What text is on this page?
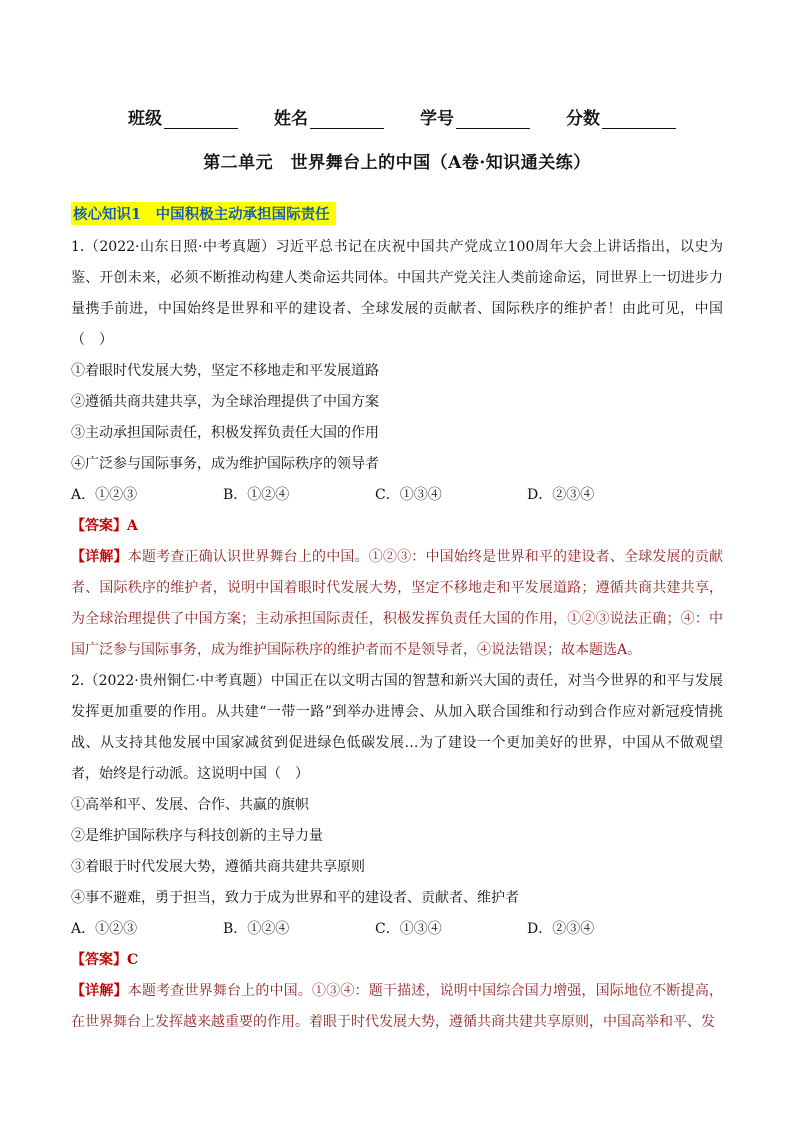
班级	姓名	学号	分数
第二单元　世界舞台上的中国（A卷·知识通关练）
核心知识1　中国积极主动承担国际责任

1.（2022·山东日照·中考真题）习近平总书记在庆祝中国共产党成立100周年大会上讲话指出，以史为鉴、开创未来，必须不断推动构建人类命运共同体。中国共产党关注人类前途命运，同世界上一切进步力量携手前进，中国始终是世界和平的建设者、全球发展的贡献者、国际秩序的维护者！由此可见，中国（　）

①着眼时代发展大势，坚定不移地走和平发展道路

②遵循共商共建共享，为全球治理提供了中国方案

③主动承担国际责任，积极发挥负责任大国的作用

④广泛参与国际事务，成为维护国际秩序的领导者

A．①②③	B．①②④	C．①③④	D．②③④

【答案】A

【详解】本题考查正确认识世界舞台上的中国。①②③：中国始终是世界和平的建设者、全球发展的贡献者、国际秩序的维护者，说明中国着眼时代发展大势，坚定不移地走和平发展道路；遵循共商共建共享，为全球治理提供了中国方案；主动承担国际责任，积极发挥负责任大国的作用，①②③说法正确；④：中国广泛参与国际事务，成为维护国际秩序的维护者而不是领导者，④说法错误；故本题选A。

2.（2022·贵州铜仁·中考真题）中国正在以文明古国的智慧和新兴大国的责任，对当今世界的和平与发展发挥更加重要的作用。从共建“一带一路”到举办进博会、从加入联合国维和行动到合作应对新冠疫情挑战、从支持其他发展中国家减贫到促进绿色低碳发展…为了建设一个更加美好的世界，中国从不做观望者，始终是行动派。这说明中国（　）

①高举和平、发展、合作、共赢的旗帜

②是维护国际秩序与科技创新的主导力量

③着眼于时代发展大势，遵循共商共建共享原则

④事不避难，勇于担当，致力于成为世界和平的建设者、贡献者、维护者

A．①②③	B．①②④	C．①③④	D．②③④

【答案】C

【详解】本题考查世界舞台上的中国。①③④：题干描述，说明中国综合国力增强，国际地位不断提高，在世界舞台上发挥越来越重要的作用。着眼于时代发展大势，遵循共商共建共享原则，中国高举和平、发
